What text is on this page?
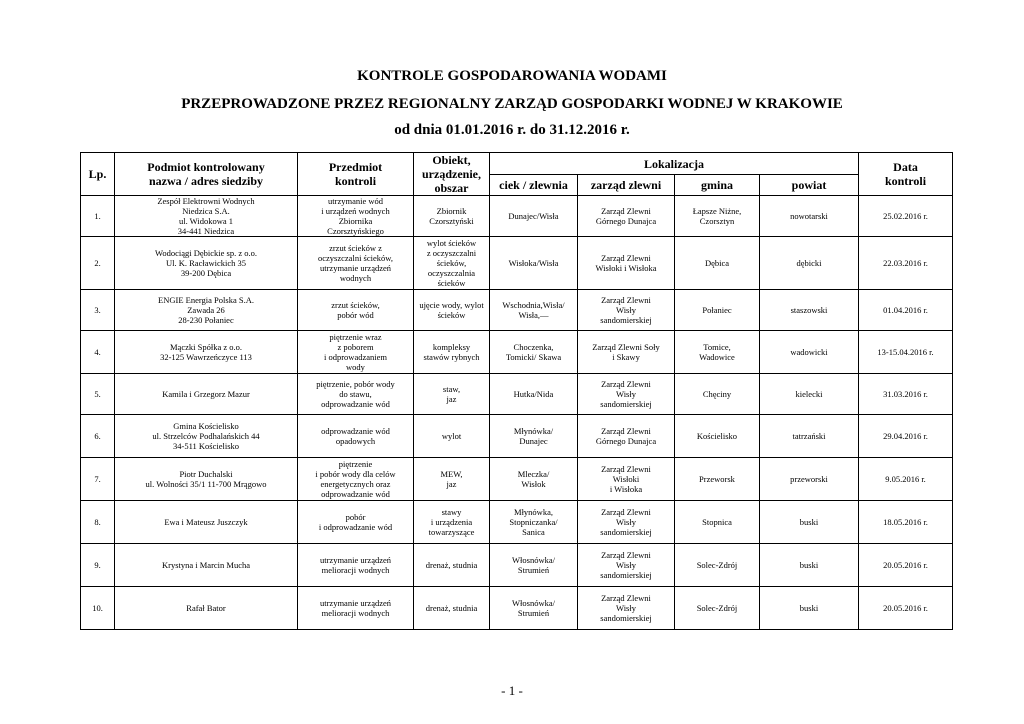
KONTROLE GOSPODAROWANIA WODAMI
PRZEPROWADZONE PRZEZ REGIONALNY ZARZĄD GOSPODARKI WODNEJ W KRAKOWIE
od dnia 01.01.2016 r. do 31.12.2016 r.
Lp.	Podmiot kontrolowany
nazwa / adres siedziby	Przedmiot
kontroli	Obiekt,
urządzenie,
obszar	Lokalizacja				Data
kontroli
				ciek / zlewnia	zarząd zlewni	gmina	powiat	
1.	Zespół Elektrowni Wodnych
Niedzica S.A.
ul. Widokowa 1
34-441 Niedzica	utrzymanie wód
i urządzeń wodnych
Zbiornika
Czorsztyńskiego	Zbiornik
Czorsztyński	Dunajec/Wisła	Zarząd Zlewni
Górnego Dunajca	Łapsze Niżne,
Czorsztyn	nowotarski	25.02.2016 r.
2.	Wodociągi Dębickie sp. z o.o.
Ul. K. Racławickich 35
39-200 Dębica	zrzut ścieków z
oczyszczalni ścieków,
utrzymanie urządzeń
wodnych	wylot ścieków
z oczyszczalni
ścieków,
oczyszczalnia
ścieków	Wisłoka/Wisła	Zarząd Zlewni
Wisłoki i Wisłoka	Dębica	dębicki	22.03.2016 r.
3.	ENGIE Energia Polska S.A.
Zawada 26
28-230 Połaniec	zrzut ścieków,
pobór wód	ujęcie wody, wylot
ścieków	Wschodnia,Wisła/
Wisła,—	Zarząd Zlewni
Wisły
sandomierskiej	Połaniec	staszowski	01.04.2016 r.
4.	Mączki Spółka z o.o.
32-125 Wawrzeńczyce 113	piętrzenie wraz
z poborem
i odprowadzaniem
wody	kompleksy
stawów rybnych	Choczenka,
Tomicki/ Skawa	Zarząd Zlewni Soły
i Skawy	Tomice,
Wadowice	wadowicki	13-15.04.2016 r.
5.	Kamila i Grzegorz Mazur	piętrzenie, pobór wody
do stawu,
odprowadzanie wód	staw,
jaz	Hutka/Nida	Zarząd Zlewni
Wisły
sandomierskiej	Chęciny	kielecki	31.03.2016 r.
6.	Gmina Kościelisko
ul. Strzelców Podhalańskich 44
34-511 Kościelisko	odprowadzanie wód
opadowych	wylot	Młynówka/
Dunajec	Zarząd Zlewni
Górnego Dunajca	Kościelisko	tatrzański	29.04.2016 r.
7.	Piotr Duchalski
ul. Wolności 35/1 11-700 Mrągowo	piętrzenie
i pobór wody dla celów
energetycznych oraz
odprowadzanie wód	MEW,
jaz	Mleczka/
Wisłok	Zarząd Zlewni
Wisłoki
i Wisłoka	Przeworsk	przeworski	9.05.2016 r.
8.	Ewa i Mateusz Juszczyk	pobór
i odprowadzanie wód	stawy
i urządzenia
towarzyszące	Młynówka,
Stopniczanka/
Sanica	Zarząd Zlewni
Wisły
sandomierskiej	Stopnica	buski	18.05.2016 r.
9.	Krystyna i Marcin Mucha	utrzymanie urządzeń
melioracji wodnych	drenaż, studnia	Włosnówka/
Strumień	Zarząd Zlewni
Wisły
sandomierskiej	Solec-Zdrój	buski	20.05.2016 r.
10.	Rafał Bator	utrzymanie urządzeń
melioracji wodnych	drenaż, studnia	Włosnówka/
Strumień	Zarząd Zlewni
Wisły
sandomierskiej	Solec-Zdrój	buski	20.05.2016 r.
- 1 -
